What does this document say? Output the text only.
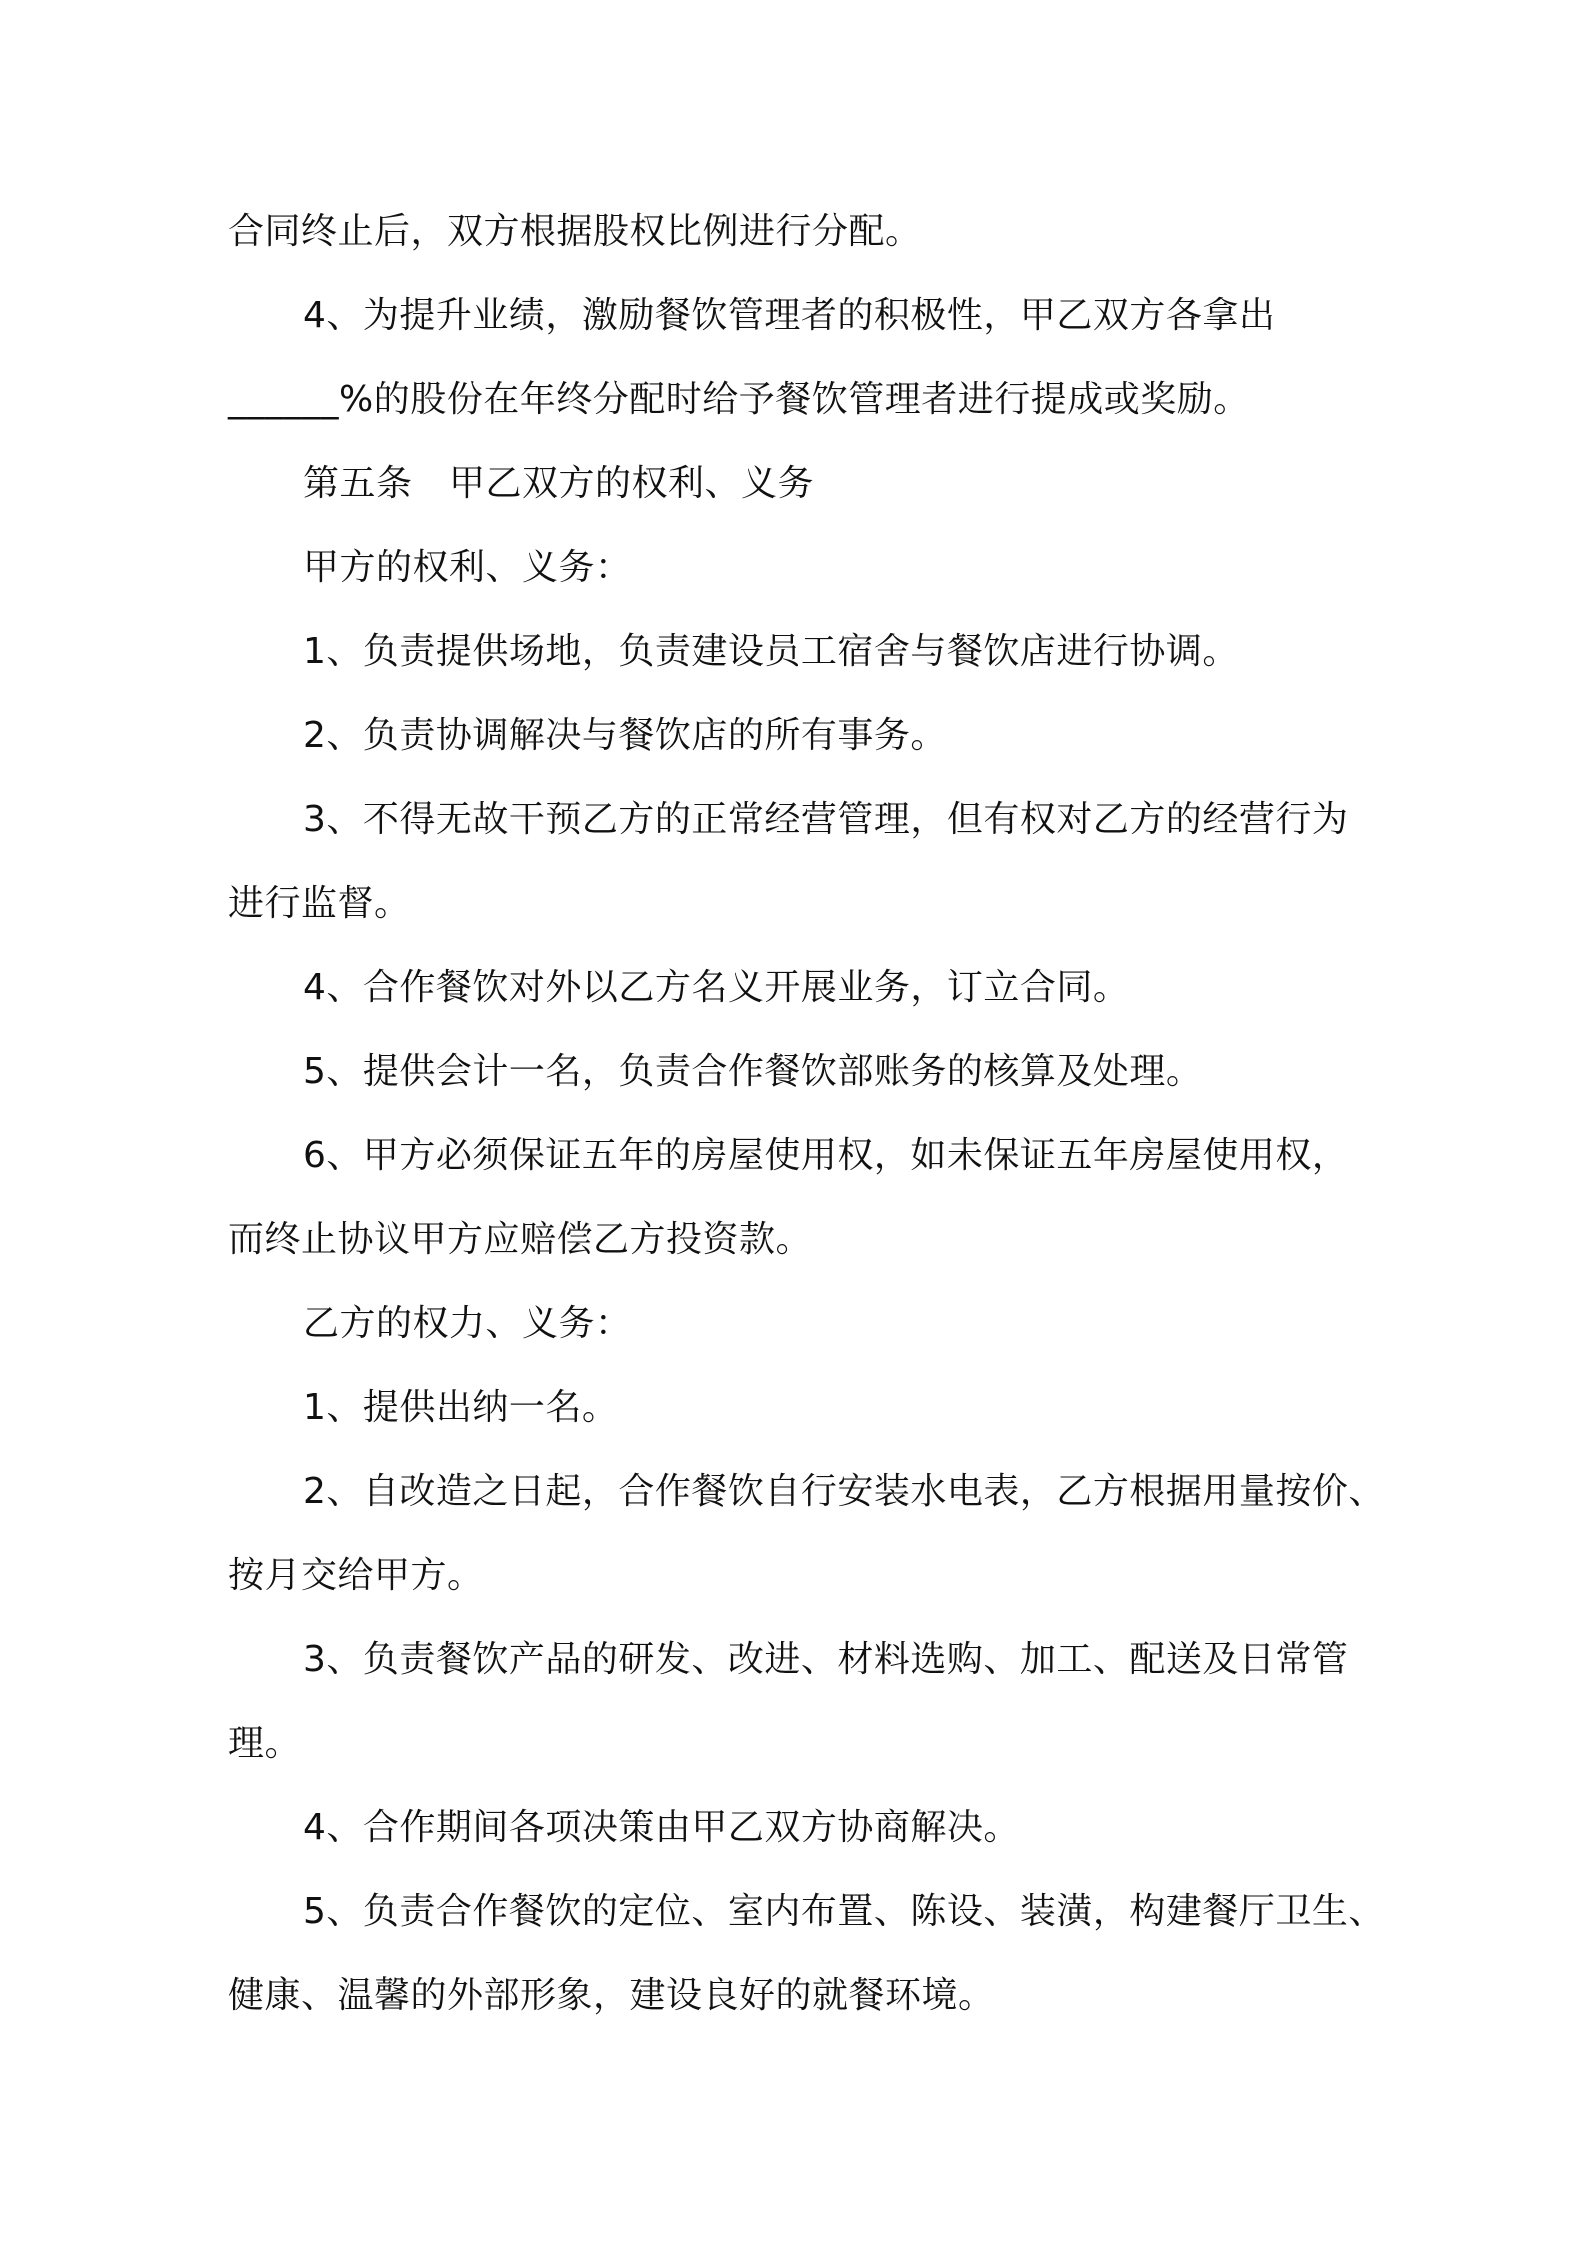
合同终止后，双方根据股权比例进行分配。
4、为提升业绩，激励餐饮管理者的积极性，甲乙双方各拿出
______%的股份在年终分配时给予餐饮管理者进行提成或奖励。
第五条　甲乙双方的权利、义务
甲方的权利、义务：
1、负责提供场地，负责建设员工宿舍与餐饮店进行协调。
2、负责协调解决与餐饮店的所有事务。
3、不得无故干预乙方的正常经营管理，但有权对乙方的经营行为
进行监督。
4、合作餐饮对外以乙方名义开展业务，订立合同。
5、提供会计一名，负责合作餐饮部账务的核算及处理。
6、甲方必须保证五年的房屋使用权，如未保证五年房屋使用权，
而终止协议甲方应赔偿乙方投资款。
乙方的权力、义务：
1、提供出纳一名。
2、自改造之日起，合作餐饮自行安装水电表，乙方根据用量按价、
按月交给甲方。
3、负责餐饮产品的研发、改进、材料选购、加工、配送及日常管
理。
4、合作期间各项决策由甲乙双方协商解决。
5、负责合作餐饮的定位、室内布置、陈设、装潢，构建餐厅卫生、
健康、温馨的外部形象，建设良好的就餐环境。
